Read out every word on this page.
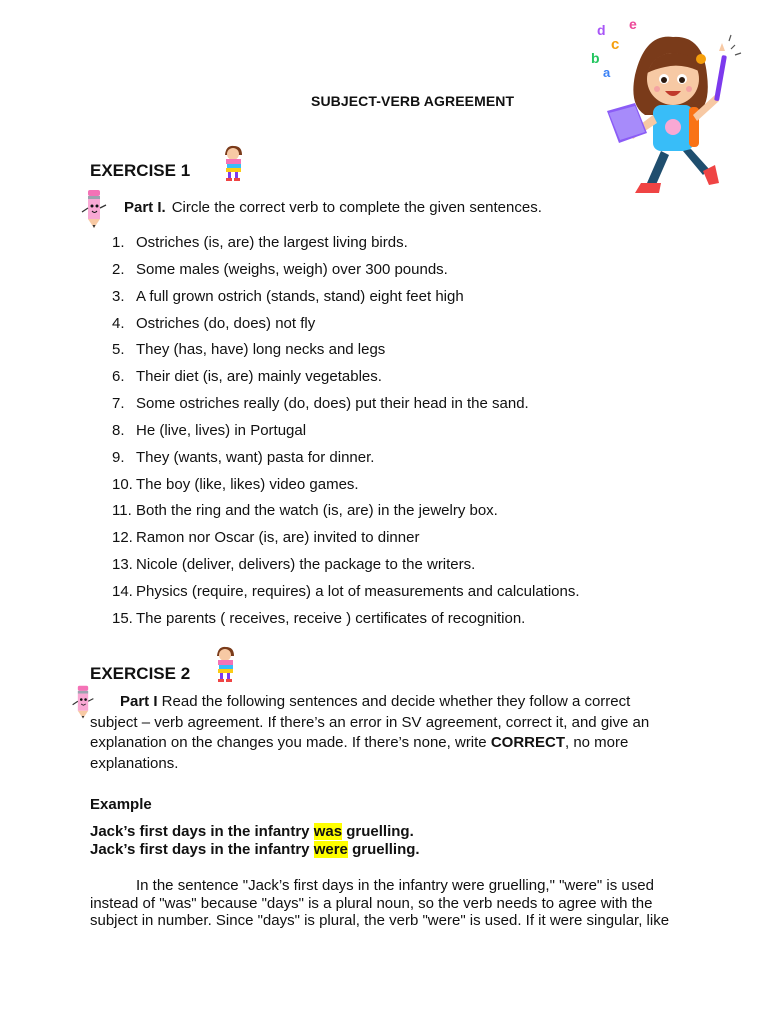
SUBJECT-VERB AGREEMENT
d e
c
b
a
EXERCISE 1
Part I. Circle the correct verb to complete the given sentences.
1. Ostriches (is, are) the largest living birds.
2. Some males (weighs, weigh) over 300 pounds.
3. A full grown ostrich (stands, stand) eight feet high
4. Ostriches (do, does) not fly
5. They (has, have) long necks and legs
6. Their diet (is, are) mainly vegetables.
7. Some ostriches really (do, does) put their head in the sand.
8. He (live, lives) in Portugal
9. They (wants, want) pasta for dinner.
10. The boy (like, likes) video games.
11. Both the ring and the watch (is, are) in the jewelry box.
12. Ramon nor Oscar (is, are) invited to dinner
13. Nicole (deliver, delivers) the package to the writers.
14. Physics (require, requires) a lot of measurements and calculations.
15. The parents ( receives, receive ) certificates of recognition.
EXERCISE 2
Part I Read the following sentences and decide whether they follow a correct subject – verb agreement. If there’s an error in SV agreement, correct it, and give an explanation on the changes you made. If there’s none, write CORRECT, no more explanations.
Example
Jack’s first days in the infantry was gruelling.
Jack’s first days in the infantry were gruelling.
In the sentence "Jack’s first days in the infantry were gruelling," "were" is used instead of "was" because "days" is a plural noun, so the verb needs to agree with the subject in number. Since "days" is plural, the verb "were" is used. If it were singular, like
